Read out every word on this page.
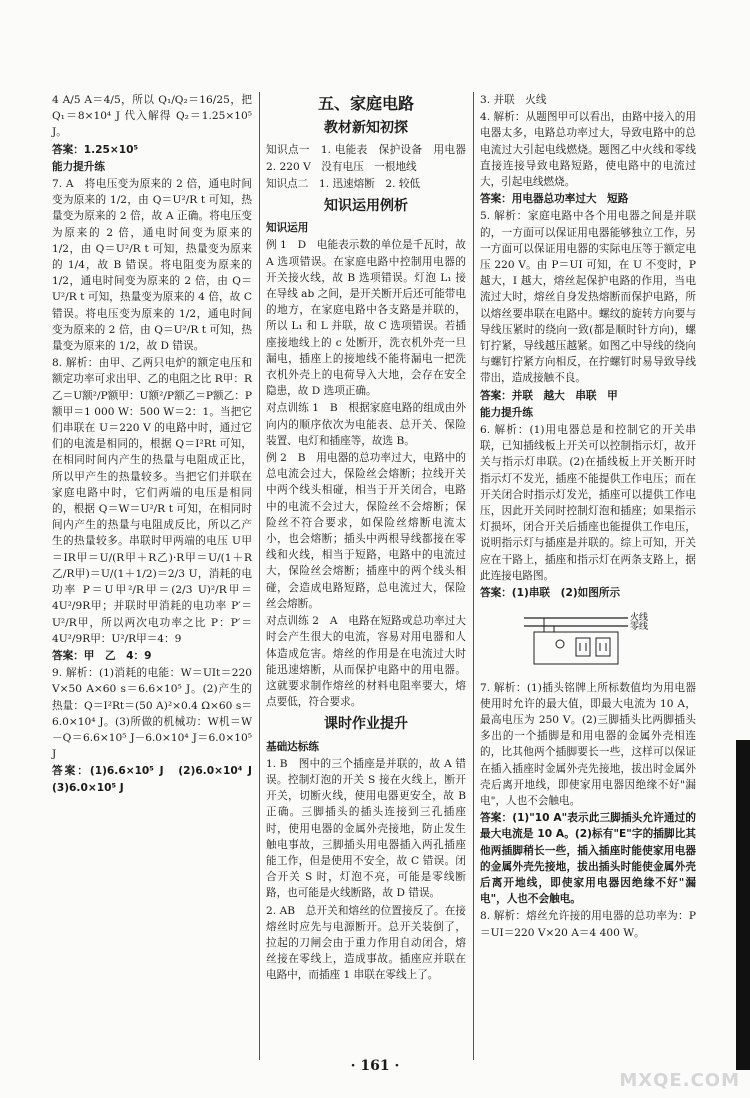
4 A/5 A＝4/5，所以 Q₁/Q₂＝16/25，把 Q₁＝8×10⁴ J 代入解得 Q₂＝1.25×10⁵ J。

答案：1.25×10⁵

能力提升练

7. A　将电压变为原来的 2 倍，通电时间变为原来的 1/2，由 Q＝U²/R t 可知，热量变为原来的 2 倍，故 A 正确。将电压变为原来的 2 倍，通电时间变为原来的 1/2，由 Q＝U²/R t 可知，热量变为原来的 1/4，故 B 错误。将电阻变为原来的 1/2，通电时间变为原来的 2 倍，由 Q＝U²/R t 可知，热量变为原来的 4 倍，故 C 错误。将电压变为原来的 1/2，通电时间变为原来的 2 倍，由 Q＝U²/R t 可知，热量变为原来的 1/2，故 D 错误。

8. 解析：由甲、乙两只电炉的额定电压和额定功率可求出甲、乙的电阻之比 R甲：R乙＝U额²/P额甲：U额²/P额乙＝P额乙：P额甲＝1 000 W：500 W＝2：1。当把它们串联在 U＝220 V 的电路中时，通过它们的电流是相同的，根据 Q＝I²Rt 可知，在相同时间内产生的热量与电阻成正比，所以甲产生的热量较多。当把它们并联在家庭电路中时，它们两端的电压是相同的，根据 Q＝W＝U²/R t 可知，在相同时间内产生的热量与电阻成反比，所以乙产生的热量较多。串联时甲两端的电压 U甲＝IR甲＝U/(R甲＋R乙)·R甲＝U/(1＋R乙/R甲)＝U/(1＋1/2)＝2/3 U，消耗的电功率 P＝U甲²/R甲＝(2/3 U)²/R甲＝4U²/9R甲；并联时甲消耗的电功率 P′＝U²/R甲，所以两次电功率之比 P：P′＝4U²/9R甲：U²/R甲＝4：9

答案：甲　乙　4：9

9. 解析：(1)消耗的电能：W＝UIt＝220 V×50 A×60 s＝6.6×10⁵ J。(2)产生的热量：Q＝I²Rt＝(50 A)²×0.4 Ω×60 s＝6.0×10⁴ J。(3)所做的机械功：W机＝W－Q＝6.6×10⁵ J－6.0×10⁴ J＝6.0×10⁵ J

答案：(1)6.6×10⁵ J　(2)6.0×10⁴ J　(3)6.0×10⁵ J

五、家庭电路

教材新知初探

知识点一　1. 电能表　保护设备　用电器　2. 220 V　没有电压　一根地线

知识点二　1. 迅速熔断　2. 较低

知识运用例析

知识运用

例 1　D　电能表示数的单位是千瓦时，故 A 选项错误。在家庭电路中控制用电器的开关接火线，故 B 选项错误。灯泡 L₁ 接在导线 ab 之间，是开关断开后还可能带电的地方，在家庭电路中各支路是并联的，所以 L₁ 和 L 并联，故 C 选项错误。若插座接地线上的 c 处断开，洗衣机外壳一旦漏电，插座上的接地线不能将漏电一把洗衣机外壳上的电荷导入大地，会存在安全隐患，故 D 选项正确。

对点训练 1　B　根据家庭电路的组成由外向内的顺序依次为电能表、总开关、保险装置、电灯和插座等，故选 B。

例 2　B　用电器的总功率过大，电路中的总电流会过大，保险丝会熔断；拉线开关中两个线头相碰，相当于开关闭合，电路中的电流不会过大，保险丝不会熔断；保险丝不符合要求，如保险丝熔断电流太小，也会熔断；插头中两根导线都接在零线和火线，相当于短路，电路中的电流过大，保险丝会熔断；插座中的两个线头相碰，会造成电路短路，总电流过大，保险丝会熔断。

对点训练 2　A　电路在短路或总功率过大时会产生很大的电流，容易对用电器和人体造成危害。熔丝的作用是在电流过大时能迅速熔断，从而保护电路中的用电器。这就要求制作熔丝的材料电阻率要大，熔点要低，符合要求。

课时作业提升

基础达标练

1. B　图中的三个插座是并联的，故 A 错误。控制灯泡的开关 S 接在火线上，断开开关，切断火线，使用电器更安全，故 B 正确。三脚插头的插头连接到三孔插座时，使用电器的金属外壳接地，防止发生触电事故，三脚插头用电器插入两孔插座能工作，但是使用不安全，故 C 错误。闭合开关 S 时，灯泡不亮，可能是零线断路，也可能是火线断路，故 D 错误。

2. AB　总开关和熔丝的位置接反了。在接熔丝时应先与电源断开。总开关装倒了，拉起的刀闸会由于重力作用自动闭合，熔丝接在零线上，造成事故。插座应并联在电路中，而插座 1 串联在零线上了。

3. 并联　火线

4. 解析：从题图甲可以看出，由路中接入的用电器太多，电路总功率过大，导致电路中的总电流过大引起电线燃烧。题图乙中火线和零线直接连接导致电路短路，使电路中的电流过大，引起电线燃烧。

答案：用电器总功率过大　短路

5. 解析：家庭电路中各个用电器之间是并联的，一方面可以保证用电器能够独立工作，另一方面可以保证用电器的实际电压等于额定电压 220 V。由 P＝UI 可知，在 U 不变时，P 越大，I 越大，熔丝起保护电路的作用，当电流过大时，熔丝自身发热熔断而保护电路，所以熔丝要串联在电路中。螺纹的旋转方向要与导线压紧时的绕向一致(都是顺时针方向)，螺钉拧紧，导线越压越紧。如图乙中导线的绕向与螺钉拧紧方向相反，在拧螺钉时易导致导线带出，造成接触不良。

答案：并联　越大　串联　甲

能力提升练

6. 解析：(1)用电器总是和控制它的开关串联，已知插线板上开关可以控制指示灯，故开关与指示灯串联。(2)在插线板上开关断开时指示灯不发光，插座不能提供工作电压；而在开关闭合时指示灯发光，插座可以提供工作电压，因此开关同时控制灯泡和插座；如果指示灯损坏，闭合开关后插座也能提供工作电压，说明指示灯与插座是并联的。综上可知，开关应在干路上，插座和指示灯在两条支路上，据此连接电路图。

答案：(1)串联　(2)如图所示

火线
零线

7. 解析：(1)插头铭牌上所标数值均为用电器使用时允许的最大值，即最大电流为 10 A，最高电压为 250 V。(2)三脚插头比两脚插头多出的一个插脚是和用电器的金属外壳相连的，比其他两个插脚要长一些，这样可以保证在插入插座时金属外壳先接地，拔出时金属外壳后离开地线，即使家用电器因绝缘不好"漏电"，人也不会触电。

答案：(1)"10 A"表示此三脚插头允许通过的最大电流是 10 A。(2)标有"E"字的插脚比其他两插脚稍长一些，插入插座时能使家用电器的金属外壳先接地，拔出插头时能使金属外壳后离开地线，即使家用电器因绝缘不好"漏电"，人也不会触电。

8. 解析：熔丝允许接的用电器的总功率为：P＝UI＝220 V×20 A＝4 400 W。

· 161 ·
MXQE.COM
